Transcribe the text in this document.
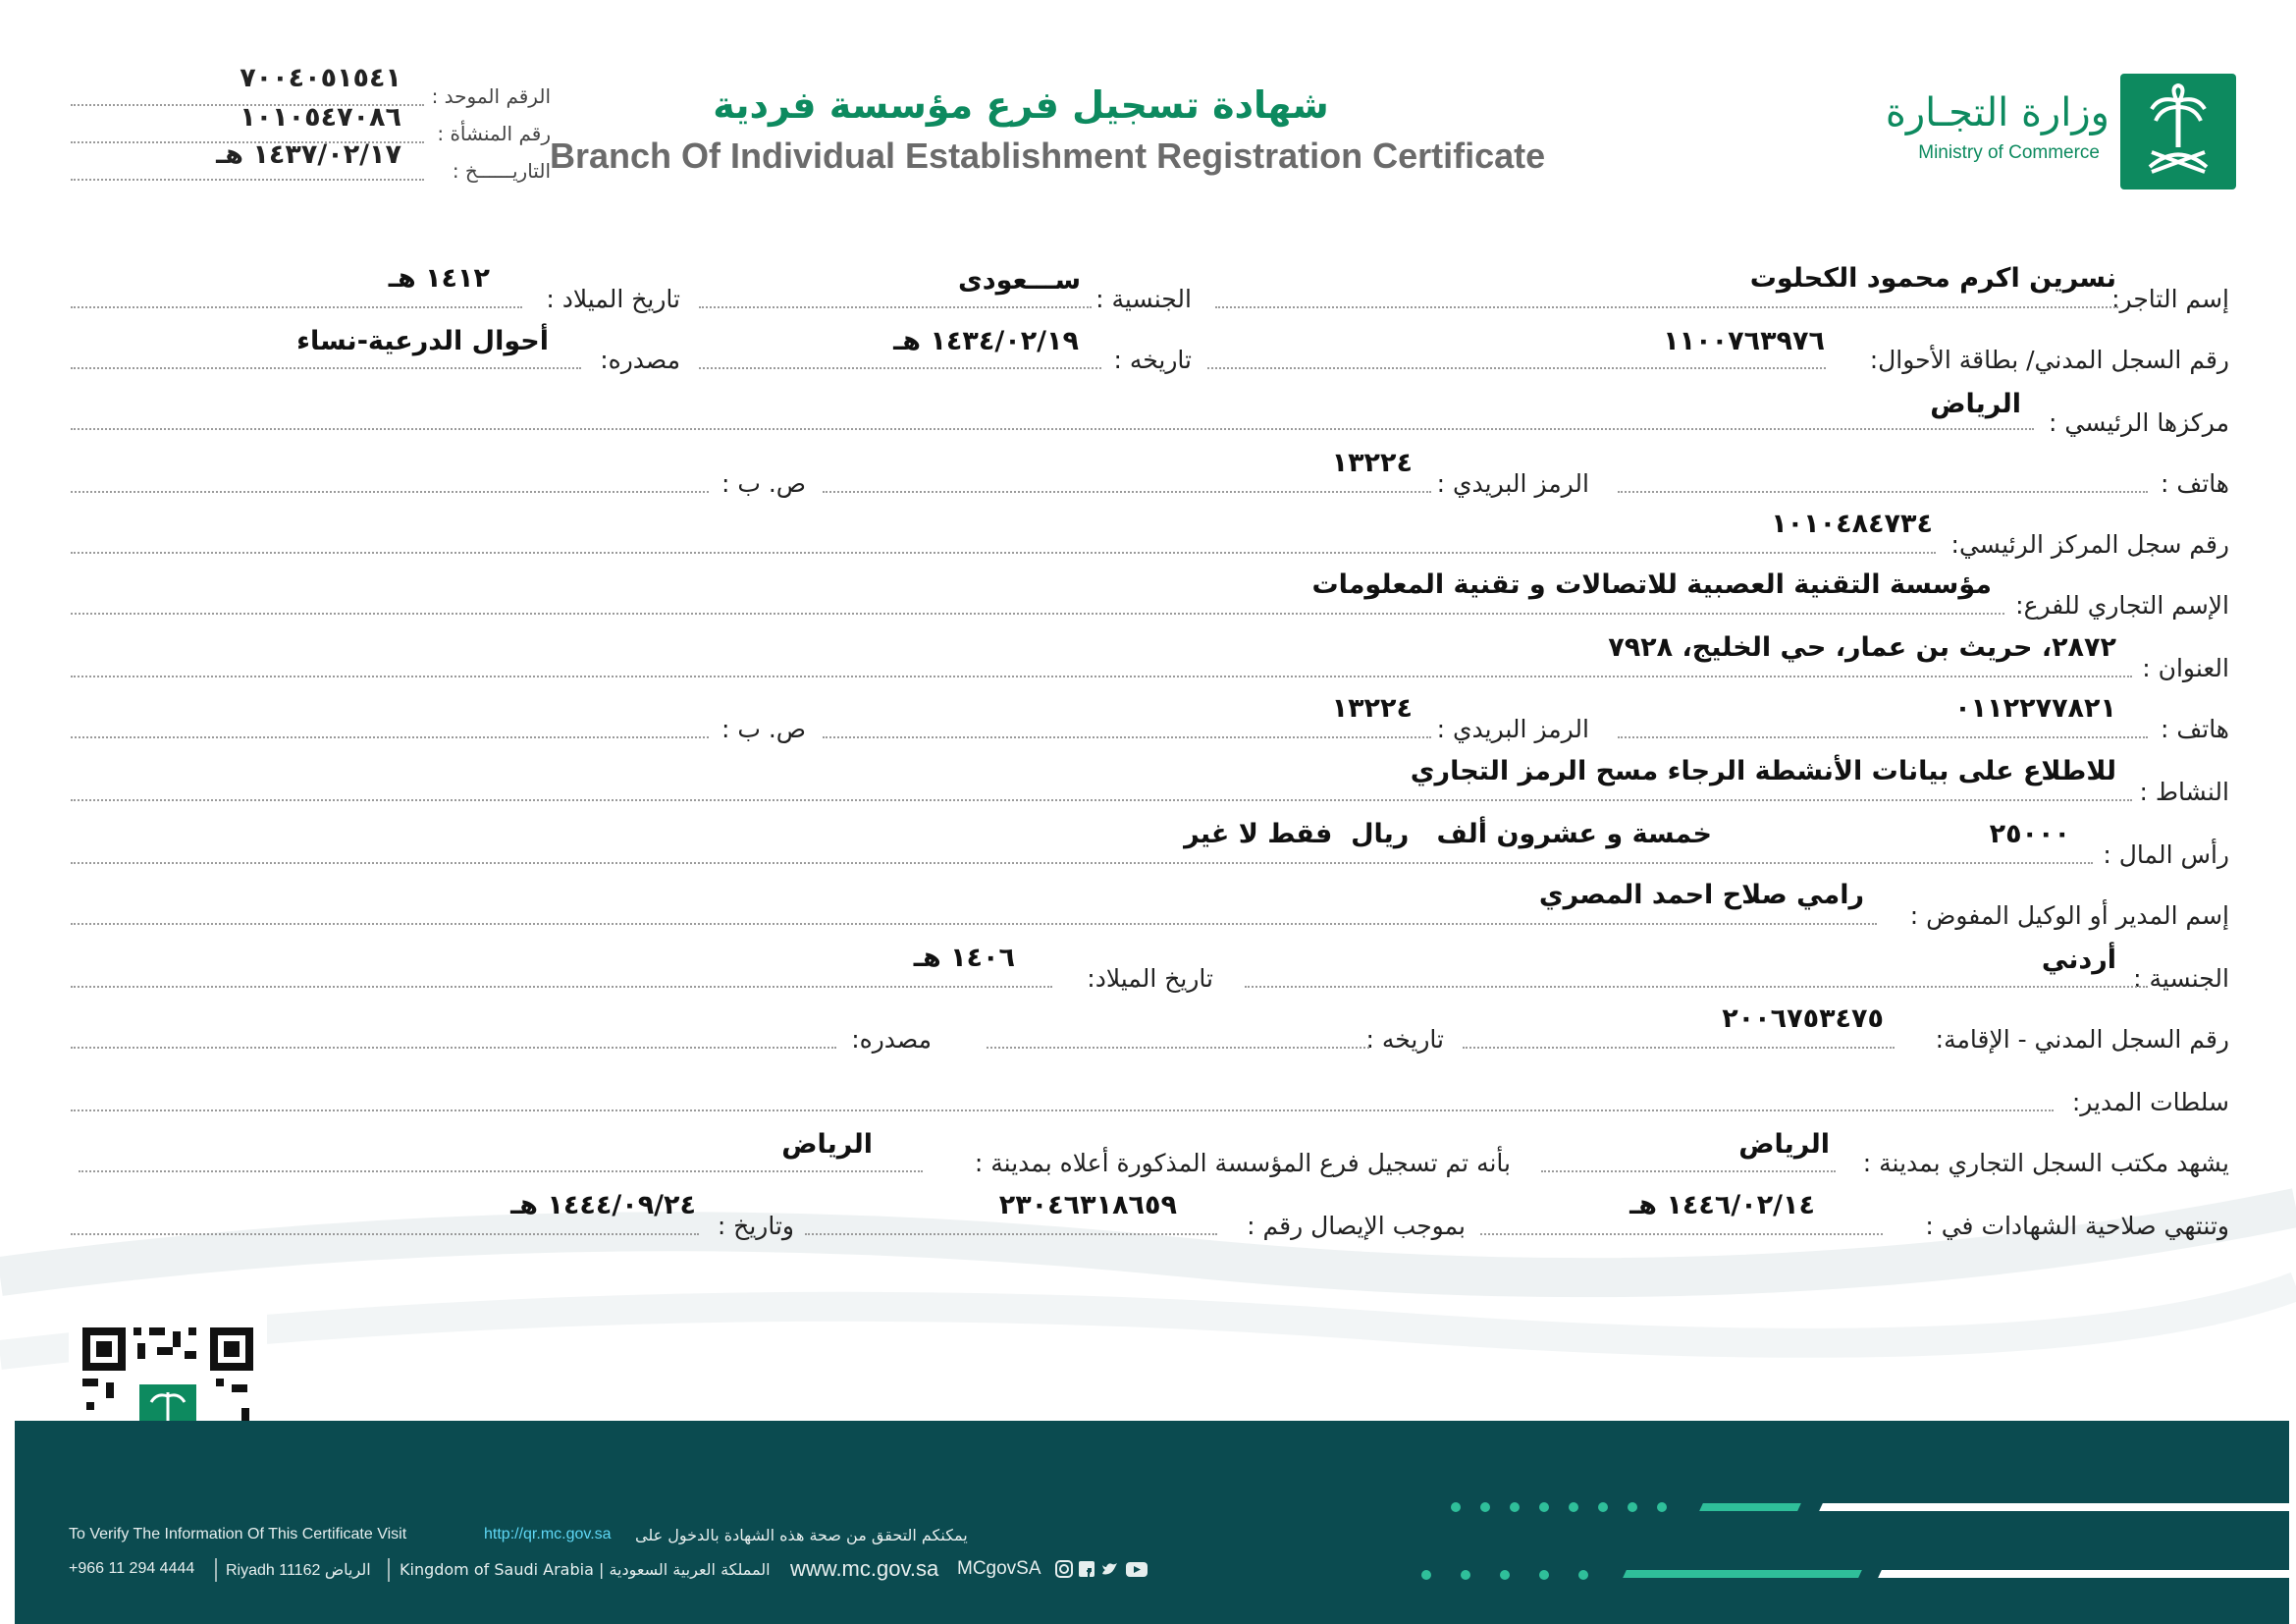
وزارة التجـارة
Ministry of Commerce
شهادة تسجيل فرع مؤسسة فردية
Branch Of Individual Establishment Registration Certificate
الرقم الموحد :
٧٠٠٤٠٥١٥٤١
رقم المنشأة :
١٠١٠٥٤٧٠٨٦
التاريــــــخ :
١٤٣٧/٠٢/١٧ هـ
إسم التاجر:
نسرين اكرم محمود الكحلوت
الجنسية :
ســـعودى
تاريخ الميلاد :
١٤١٢ هـ
رقم السجل المدني/ بطاقة الأحوال:
١١٠٠٧٦٣٩٧٦
تاريخه :
١٤٣٤/٠٢/١٩ هـ
مصدره:
أحوال الدرعية-نساء
مركزها الرئيسي :
الرياض
هاتف :
الرمز البريدي :
١٣٢٢٤
ص. ب :
رقم سجل المركز الرئيسي:
١٠١٠٤٨٤٧٣٤
الإسم التجاري للفرع:
مؤسسة التقنية العصبية للاتصالات و تقنية المعلومات
العنوان :
٢٨٧٢، حريث بن عمار، حي الخليج، ٧٩٢٨
هاتف :
٠١١٢٢٧٧٨٢١
الرمز البريدي :
١٣٢٢٤
ص. ب :
النشاط :
للاطلاع على بيانات الأنشطة الرجاء مسح الرمز التجاري
رأس المال :
٢٥٠٠٠
خمسة و عشرون ألف   ريال  فقط لا غير
إسم المدير أو الوكيل المفوض :
رامي صلاح احمد المصري
الجنسية :
أردني
تاريخ الميلاد:
١٤٠٦ هـ
رقم السجل المدني - الإقامة:
٢٠٠٦٧٥٣٤٧٥
تاريخه :
مصدره:
سلطات المدير:
يشهد مكتب السجل التجاري بمدينة :
الرياض
بأنه تم تسجيل فرع المؤسسة المذكورة أعلاه بمدينة :
الرياض
وتنتهي صلاحية الشهادات في :
١٤٤٦/٠٢/١٤ هـ
بموجب الإيصال رقم :
٢٣٠٤٦٣١٨٦٥٩
وتاريخ :
١٤٤٤/٠٩/٢٤ هـ
To Verify The Information Of This Certificate Visit	http://qr.mc.gov.sa يمكنكم التحقق من صحة هذه الشهادة بالدخول على
+966 11 294 4444 Riyadh 11162 الرياض Kingdom of Saudi Arabia | المملكة العربية السعودية www.mc.gov.sa MCgovSA
